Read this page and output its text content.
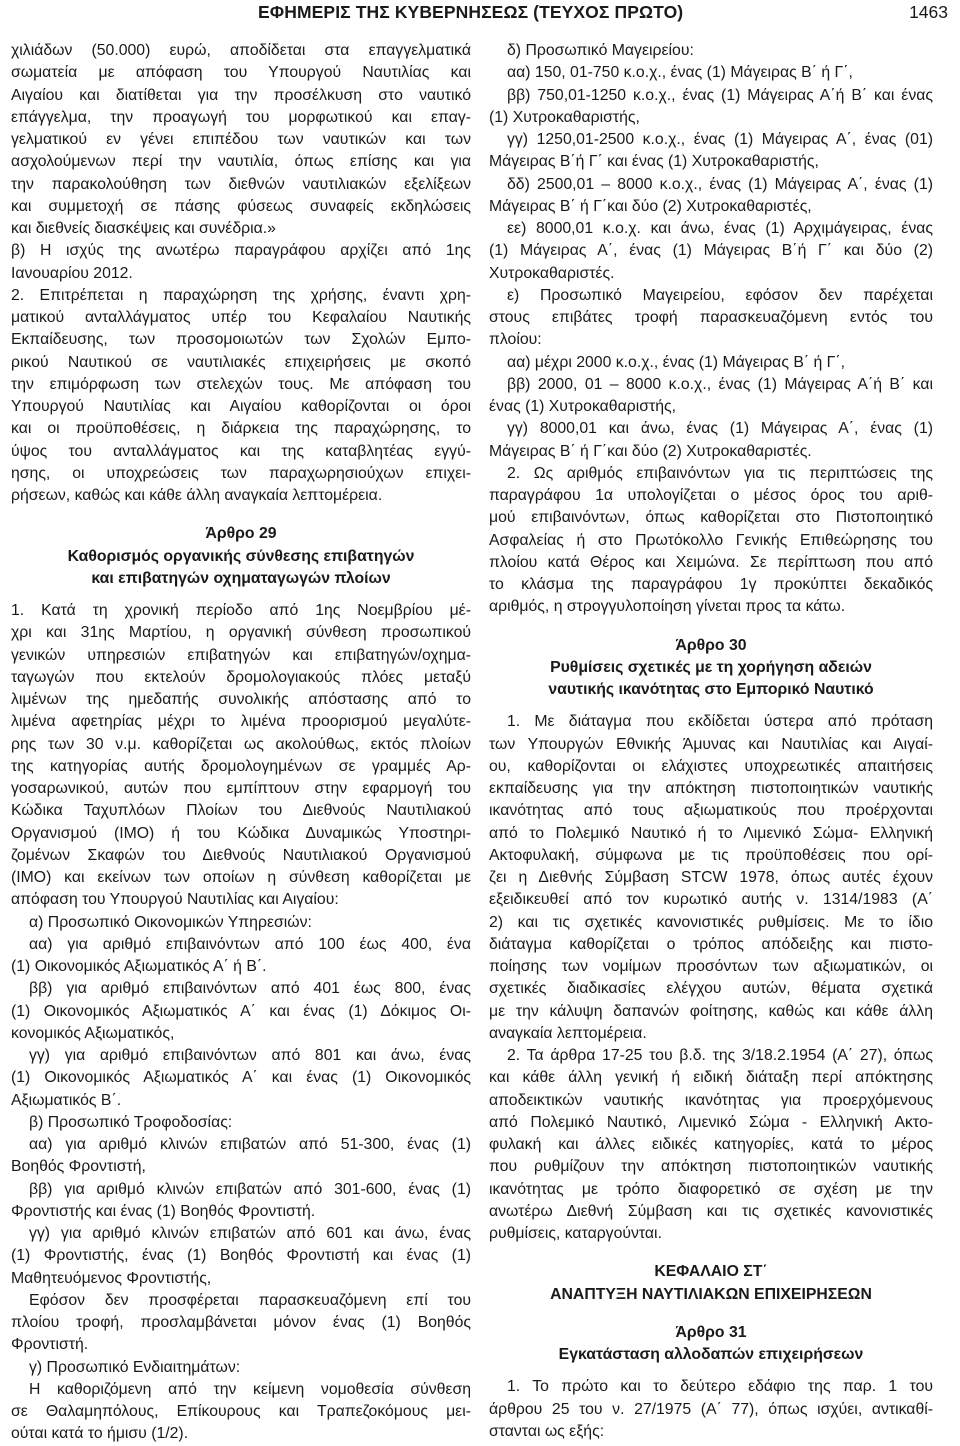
ΕΦΗΜΕΡΙΣ ΤΗΣ ΚΥΒΕΡΝΗΣΕΩΣ (ΤΕΥΧΟΣ ΠΡΩΤΟ)	1463
χιλιάδων (50.000) ευρώ, αποδίδεται στα επαγγελματικά
σωματεία με απόφαση του Υπουργού Ναυτιλίας και
Αιγαίου και διατίθεται για την προσέλκυση στο ναυτικό
επάγγελμα, την προαγωγή του μορφωτικού και επαγ-
γελματικού εν γένει επιπέδου των ναυτικών και των
ασχολούμενων περί την ναυτιλία, όπως επίσης και για
την παρακολούθηση των διεθνών ναυτιλιακών εξελίξεων
και συμμετοχή σε πάσης φύσεως συναφείς εκδηλώσεις
και διεθνείς διασκέψεις και συνέδρια.»
β) Η ισχύς της ανωτέρω παραγράφου αρχίζει από 1ης
Ιανουαρίου 2012.
2. Επιτρέπεται η παραχώρηση της χρήσης, έναντι χρη-
ματικού ανταλλάγματος υπέρ του Κεφαλαίου Ναυτικής
Εκπαίδευσης, των προσομοιωτών των Σχολών Εμπο-
ρικού Ναυτικού σε ναυτιλιακές επιχειρήσεις με σκοπό
την επιμόρφωση των στελεχών τους. Με απόφαση του
Υπουργού Ναυτιλίας και Αιγαίου καθορίζονται οι όροι
και οι προϋποθέσεις, η διάρκεια της παραχώρησης, το
ύψος του ανταλλάγματος και της καταβλητέας εγγύ-
ησης, οι υποχρεώσεις των παραχωρησιούχων επιχει-
ρήσεων, καθώς και κάθε άλλη αναγκαία λεπτομέρεια.
Άρθρο 29
Καθορισμός οργανικής σύνθεσης επιβατηγών
και επιβατηγών οχηματαγωγών πλοίων
1. Κατά τη χρονική περίοδο από 1ης Νοεμβρίου μέ-
χρι και 31ης Μαρτίου, η οργανική σύνθεση προσωπικού
γενικών υπηρεσιών επιβατηγών και επιβατηγών/οχημα-
ταγωγών που εκτελούν δρομολογιακούς πλόες μεταξύ
λιμένων της ημεδαπής συνολικής απόστασης από το
λιμένα αφετηρίας μέχρι το λιμένα προορισμού μεγαλύτε-
ρης των 30 ν.μ. καθορίζεται ως ακολούθως, εκτός πλοίων
της κατηγορίας αυτής δρομολογημένων σε γραμμές Αρ-
γοσαρωνικού, αυτών που εμπίπτουν στην εφαρμογή του
Κώδικα Ταχυπλόων Πλοίων του Διεθνούς Ναυτιλιακού
Οργανισμού (ΙΜΟ) ή του Κώδικα Δυναμικώς Υποστηρι-
ζομένων Σκαφών του Διεθνούς Ναυτιλιακού Οργανισμού
(ΙΜΟ) και εκείνων των οποίων η σύνθεση καθορίζεται με
απόφαση του Υπουργού Ναυτιλίας και Αιγαίου:
α) Προσωπικό Οικονομικών Υπηρεσιών:
αα) για αριθμό επιβαινόντων από 100 έως 400, ένα
(1) Οικονομικός Αξιωματικός Α΄ ή Β΄.
ββ) για αριθμό επιβαινόντων από 401 έως 800, ένας
(1) Οικονομικός Αξιωματικός Α΄ και ένας (1) Δόκιμος Οι-
κονομικός Αξιωματικός,
γγ) για αριθμό επιβαινόντων από 801 και άνω, ένας
(1) Οικονομικός Αξιωματικός Α΄ και ένας (1) Οικονομικός
Αξιωματικός Β΄.
β) Προσωπικό Τροφοδοσίας:
αα) για αριθμό κλινών επιβατών από 51-300, ένας (1)
Βοηθός Φροντιστή,
ββ) για αριθμό κλινών επιβατών από 301-600, ένας (1)
Φροντιστής και ένας (1) Βοηθός Φροντιστή.
γγ) για αριθμό κλινών επιβατών από 601 και άνω, ένας
(1) Φροντιστής, ένας (1) Βοηθός Φροντιστή και ένας (1)
Μαθητευόμενος Φροντιστής,
Εφόσον δεν προσφέρεται παρασκευαζόμενη επί του
πλοίου τροφή, προσλαμβάνεται μόνον ένας (1) Βοηθός
Φροντιστή.
γ) Προσωπικό Ενδιαιτημάτων:
Η καθοριζόμενη από την κείμενη νομοθεσία σύνθεση
σε Θαλαμηπόλους, Επίκουρους και Τραπεζοκόμους μει-
ούται κατά το ήμισυ (1/2).
δ) Προσωπικό Μαγειρείου:
αα) 150, 01-750 κ.ο.χ., ένας (1) Μάγειρας Β΄ ή Γ΄,
ββ) 750,01-1250 κ.ο.χ., ένας (1) Μάγειρας Α΄ή Β΄ και ένας
(1) Χυτροκαθαριστής,
γγ) 1250,01-2500 κ.ο.χ., ένας (1) Μάγειρας Α΄, ένας (01)
Μάγειρας Β΄ή Γ΄ και ένας (1) Χυτροκαθαριστής,
δδ) 2500,01 – 8000 κ.ο.χ., ένας (1) Μάγειρας Α΄, ένας (1)
Μάγειρας Β΄ ή Γ΄και δύο (2) Χυτροκαθαριστές,
εε) 8000,01 κ.ο.χ. και άνω, ένας (1) Αρχιμάγειρας, ένας
(1) Μάγειρας Α΄, ένας (1) Μάγειρας Β΄ή Γ΄ και δύο (2)
Χυτροκαθαριστές.
ε) Προσωπικό Μαγειρείου, εφόσον δεν παρέχεται
στους επιβάτες τροφή παρασκευαζόμενη εντός του
πλοίου:
αα) μέχρι 2000 κ.ο.χ., ένας (1) Μάγειρας Β΄ ή Γ΄,
ββ) 2000, 01 – 8000 κ.ο.χ., ένας (1) Μάγειρας Α΄ή Β΄ και
ένας (1) Χυτροκαθαριστής,
γγ) 8000,01 και άνω, ένας (1) Μάγειρας Α΄, ένας (1)
Μάγειρας Β΄ ή Γ΄και δύο (2) Χυτροκαθαριστές.
2. Ως αριθμός επιβαινόντων για τις περιπτώσεις της
παραγράφου 1α υπολογίζεται ο μέσος όρος του αριθ-
μού επιβαινόντων, όπως καθορίζεται στο Πιστοποιητικό
Ασφαλείας ή στο Πρωτόκολλο Γενικής Επιθεώρησης του
πλοίου κατά Θέρος και Χειμώνα. Σε περίπτωση που από
το κλάσμα της παραγράφου 1γ προκύπτει δεκαδικός
αριθμός, η στρογγυλοποίηση γίνεται προς τα κάτω.
Άρθρο 30
Ρυθμίσεις σχετικές με τη χορήγηση αδειών
ναυτικής ικανότητας στο Εμπορικό Ναυτικό
1. Με διάταγμα που εκδίδεται ύστερα από πρόταση
των Υπουργών Εθνικής Άμυνας και Ναυτιλίας και Αιγαί-
ου, καθορίζονται οι ελάχιστες υποχρεωτικές απαιτήσεις
εκπαίδευσης για την απόκτηση πιστοποιητικών ναυτικής
ικανότητας από τους αξιωματικούς που προέρχονται
από το Πολεμικό Ναυτικό ή το Λιμενικό Σώμα- Ελληνική
Ακτοφυλακή, σύμφωνα με τις προϋποθέσεις που ορί-
ζει η Διεθνής Σύμβαση STCW 1978, όπως αυτές έχουν
εξειδικευθεί από τον κυρωτικό αυτής ν. 1314/1983 (Α΄
2) και τις σχετικές κανονιστικές ρυθμίσεις. Με το ίδιο
διάταγμα καθορίζεται ο τρόπος απόδειξης και πιστο-
ποίησης των νομίμων προσόντων των αξιωματικών, οι
σχετικές διαδικασίες ελέγχου αυτών, θέματα σχετικά
με την κάλυψη δαπανών φοίτησης, καθώς και κάθε άλλη
αναγκαία λεπτομέρεια.
2. Τα άρθρα 17-25 του β.δ. της 3/18.2.1954 (Α΄ 27), όπως
και κάθε άλλη γενική ή ειδική διάταξη περί απόκτησης
αποδεικτικών ναυτικής ικανότητας για προερχόμενους
από Πολεμικό Ναυτικό, Λιμενικό Σώμα - Ελληνική Ακτο-
φυλακή και άλλες ειδικές κατηγορίες, κατά το μέρος
που ρυθμίζουν την απόκτηση πιστοποιητικών ναυτικής
ικανότητας με τρόπο διαφορετικό σε σχέση με την
ανωτέρω Διεθνή Σύμβαση και τις σχετικές κανονιστικές
ρυθμίσεις, καταργούνται.
ΚΕΦΑΛΑΙΟ ΣΤ΄
ΑΝΑΠΤΥΞΗ ΝΑΥΤΙΛΙΑΚΩΝ ΕΠΙΧΕΙΡΗΣΕΩΝ
Άρθρο 31
Εγκατάσταση αλλοδαπών επιχειρήσεων
1. Το πρώτο και το δεύτερο εδάφιο της παρ. 1 του
άρθρου 25 του ν. 27/1975 (Α΄ 77), όπως ισχύει, αντικαθί-
στανται ως εξής:
